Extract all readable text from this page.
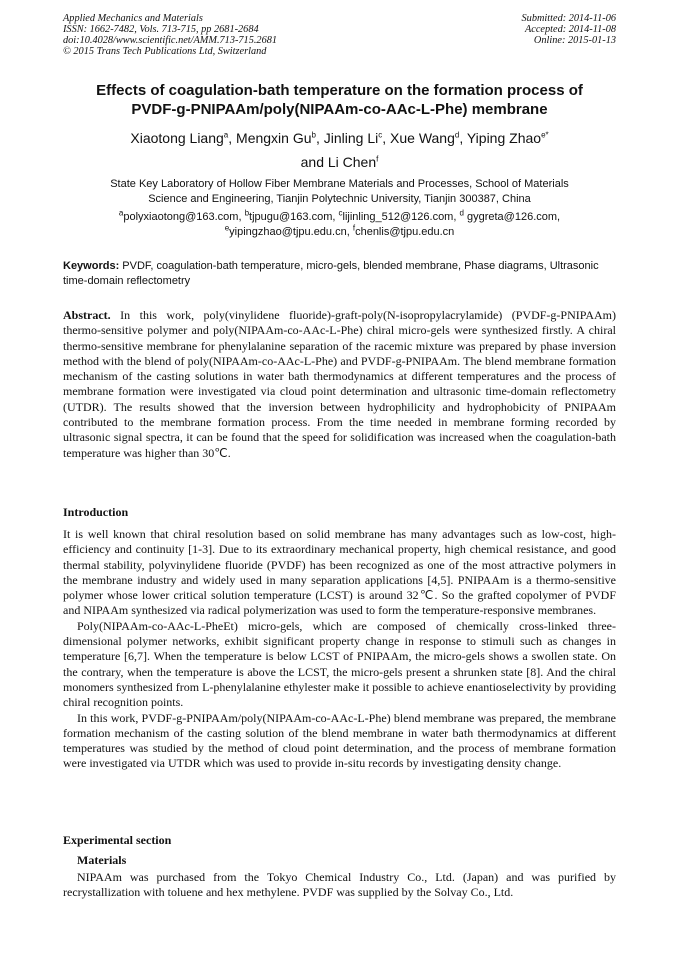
Applied Mechanics and Materials
ISSN: 1662-7482, Vols. 713-715, pp 2681-2684
doi:10.4028/www.scientific.net/AMM.713-715.2681
© 2015 Trans Tech Publications Ltd, Switzerland
Submitted: 2014-11-06
Accepted: 2014-11-08
Online: 2015-01-13
Effects of coagulation-bath temperature on the formation process of
PVDF-g-PNIPAAm/poly(NIPAAm-co-AAc-L-Phe) membrane
Xiaotong Liang$^a$, Mengxin Gu$^b$, Jinling Li$^c$, Xue Wang$^d$, Yiping Zhao$^{e*}$
and Li Chen$^f$
State Key Laboratory of Hollow Fiber Membrane Materials and Processes, School of Materials
Science and Engineering, Tianjin Polytechnic University, Tianjin 300387, China
$^a$polyxiaotong@163.com, $^b$tjpugu@163.com, $^c$lijinling_512@126.com, $^d$ gygreta@126.com,
$^e$yipingzhao@tjpu.edu.cn, $^f$chenlis@tjpu.edu.cn
Keywords: PVDF, coagulation-bath temperature, micro-gels, blended membrane, Phase diagrams, Ultrasonic time-domain reflectometry
Abstract. In this work, poly(vinylidene fluoride)-graft-poly(N-isopropylacrylamide) (PVDF-g-PNIPAAm) thermo-sensitive polymer and poly(NIPAAm-co-AAc-L-Phe) chiral micro-gels were synthesized firstly. A chiral thermo-sensitive membrane for phenylalanine separation of the racemic mixture was prepared by phase inversion method with the blend of poly(NIPAAm-co-AAc-L-Phe) and PVDF-g-PNIPAAm. The blend membrane formation mechanism of the casting solutions in water bath thermodynamics at different temperatures and the process of membrane formation were investigated via cloud point determination and ultrasonic time-domain reflectometry (UTDR). The results showed that the inversion between hydrophilicity and hydrophobicity of PNIPAAm contributed to the membrane formation process. From the time needed in membrane forming recorded by ultrasonic signal spectra, it can be found that the speed for solidification was increased when the coagulation-bath temperature was higher than 30℃.
Introduction

It is well known that chiral resolution based on solid membrane has many advantages such as low-cost, high-efficiency and continuity [1-3]. Due to its extraordinary mechanical property, high chemical resistance, and good thermal stability, polyvinylidene fluoride (PVDF) has been recognized as one of the most attractive polymers in the membrane industry and widely used in many separation applications [4,5]. PNIPAAm is a thermo-sensitive polymer whose lower critical solution temperature (LCST) is around 32℃. So the grafted copolymer of PVDF and NIPAAm synthesized via radical polymerization was used to form the temperature-responsive membranes.

Poly(NIPAAm-co-AAc-L-PheEt) micro-gels, which are composed of chemically cross-linked three-dimensional polymer networks, exhibit significant property change in response to stimuli such as changes in temperature [6,7]. When the temperature is below LCST of PNIPAAm, the micro-gels shows a swollen state. On the contrary, when the temperature is above the LCST, the micro-gels present a shrunken state [8]. And the chiral monomers synthesized from L-phenylalanine ethylester make it possible to achieve enantioselectivity by providing chiral recognition points.

In this work, PVDF-g-PNIPAAm/poly(NIPAAm-co-AAc-L-Phe) blend membrane was prepared, the membrane formation mechanism of the casting solution of the blend membrane in water bath thermodynamics at different temperatures was studied by the method of cloud point determination, and the process of membrane formation were investigated via UTDR which was used to provide in-situ records by investigating density change.

Experimental section
Materials
NIPAAm was purchased from the Tokyo Chemical Industry Co., Ltd. (Japan) and was purified by recrystallization with toluene and hex methylene. PVDF was supplied by the Solvay Co., Ltd.
